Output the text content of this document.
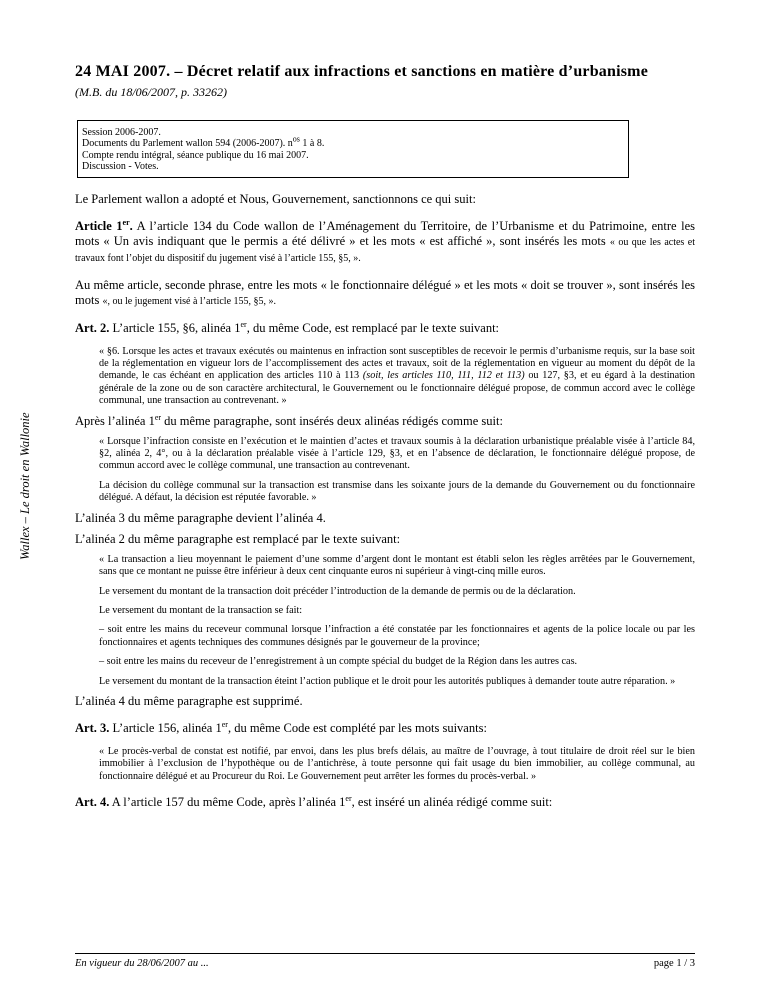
Wallex – Le droit en Wallonie
24 MAI 2007. – Décret relatif aux infractions et sanctions en matière d’urbanisme
(M.B. du 18/06/2007, p. 33262)
Session 2006-2007.
Documents du Parlement wallon 594 (2006-2007). $n^{os}$ 1 à 8.
Compte rendu intégral, séance publique du 16 mai 2007.
Discussion - Votes.

Le Parlement wallon a adopté et Nous, Gouvernement, sanctionnons ce qui suit:

Article 1er. A l’article 134 du Code wallon de l’Aménagement du Territoire, de l’Urbanisme et du Patrimoine, entre les mots « Un avis indiquant que le permis a été délivré » et les mots « est affiché », sont insérés les mots « ou que les actes et travaux font l’objet du dispositif du jugement visé à l’article 155, §5, ».

Au même article, seconde phrase, entre les mots « le fonctionnaire délégué » et les mots « doit se trouver », sont insérés les mots «, ou le jugement visé à l’article 155, §5, ».

Art. 2. L’article 155, §6, alinéa 1er, du même Code, est remplacé par le texte suivant:

« §6. Lorsque les actes et travaux exécutés ou maintenus en infraction sont susceptibles de recevoir le permis d’urbanisme requis, sur la base soit de la réglementation en vigueur lors de l’accomplissement des actes et travaux, soit de la réglementation en vigueur au moment du dépôt de la demande, le cas échéant en application des articles 110 à 113 (soit, les articles 110, 111, 112 et 113) ou 127, §3, et eu égard à la destination générale de la zone ou de son caractère architectural, le Gouvernement ou le fonctionnaire délégué propose, de commun accord avec le collège communal, une transaction au contrevenant. »

Après l’alinéa 1er du même paragraphe, sont insérés deux alinéas rédigés comme suit:

« Lorsque l’infraction consiste en l’exécution et le maintien d’actes et travaux soumis à la déclaration urbanistique préalable visée à l’article 84, §2, alinéa 2, 4°, ou à la déclaration préalable visée à l’article 129, §3, et en l’absence de déclaration, le fonctionnaire délégué propose, de commun accord avec le collège communal, une transaction au contrevenant.

La décision du collège communal sur la transaction est transmise dans les soixante jours de la demande du Gouvernement ou du fonctionnaire délégué. A défaut, la décision est réputée favorable. »

L’alinéa 3 du même paragraphe devient l’alinéa 4.

L’alinéa 2 du même paragraphe est remplacé par le texte suivant:

« La transaction a lieu moyennant le paiement d’une somme d’argent dont le montant est établi selon les règles arrêtées par le Gouvernement, sans que ce montant ne puisse être inférieur à deux cent cinquante euros ni supérieur à vingt-cinq mille euros.

Le versement du montant de la transaction doit précéder l’introduction de la demande de permis ou de la déclaration.

Le versement du montant de la transaction se fait:

– soit entre les mains du receveur communal lorsque l’infraction a été constatée par les fonctionnaires et agents de la police locale ou par les fonctionnaires et agents techniques des communes désignés par le gouverneur de la province;

– soit entre les mains du receveur de l’enregistrement à un compte spécial du budget de la Région dans les autres cas.

Le versement du montant de la transaction éteint l’action publique et le droit pour les autorités publiques à demander toute autre réparation. »

L’alinéa 4 du même paragraphe est supprimé.

Art. 3. L’article 156, alinéa 1er, du même Code est complété par les mots suivants:

« Le procès-verbal de constat est notifié, par envoi, dans les plus brefs délais, au maître de l’ouvrage, à tout titulaire de droit réel sur le bien immobilier à l’exclusion de l’hypothèque ou de l’antichrèse, à toute personne qui fait usage du bien immobilier, au collège communal, au fonctionnaire délégué et au Procureur du Roi. Le Gouvernement peut arrêter les formes du procès-verbal. »

Art. 4. A l’article 157 du même Code, après l’alinéa 1er, est inséré un alinéa rédigé comme suit:

En vigueur du 28/06/2007 au ...	page 1 / 3
